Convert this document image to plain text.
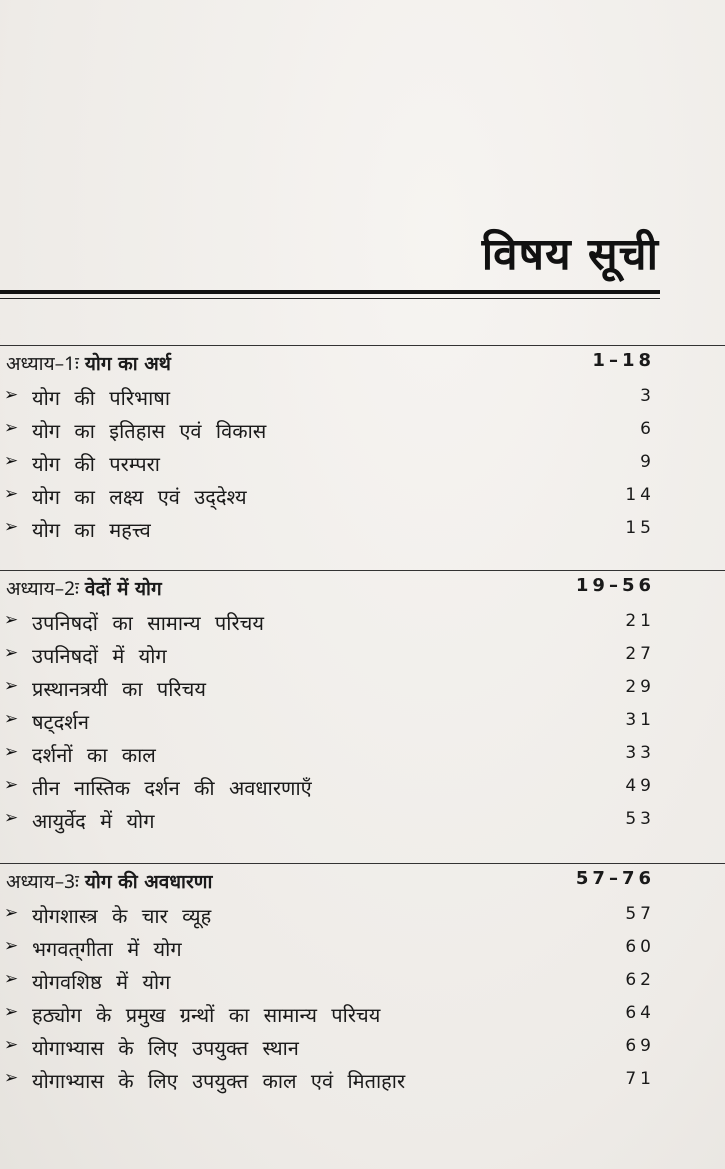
विषय सूची
अध्याय–1ः योग का अर्थ	1–18
➢ योग की परिभाषा	3
➢ योग का इतिहास एवं विकास	6
➢ योग की परम्परा	9
➢ योग का लक्ष्य एवं उद्‌देश्य	14
➢ योग का महत्त्व	15
अध्याय–2ः वेदों में योग	19–56
➢ उपनिषदों का सामान्य परिचय	21
➢ उपनिषदों में योग	27
➢ प्रस्थानत्रयी का परिचय	29
➢ षट्‌दर्शन	31
➢ दर्शनों का काल	33
➢ तीन नास्तिक दर्शन की अवधारणाएँ	49
➢ आयुर्वेद में योग	53
अध्याय–3ः योग की अवधारणा	57–76
➢ योगशास्त्र के चार व्यूह	57
➢ भगवत्‌गीता में योग	60
➢ योगवशिष्ठ में योग	62
➢ हठ्योग के प्रमुख ग्रन्थों का सामान्य परिचय	64
➢ योगाभ्यास के लिए उपयुक्त स्थान	69
➢ योगाभ्यास के लिए उपयुक्त काल एवं मिताहार	71
